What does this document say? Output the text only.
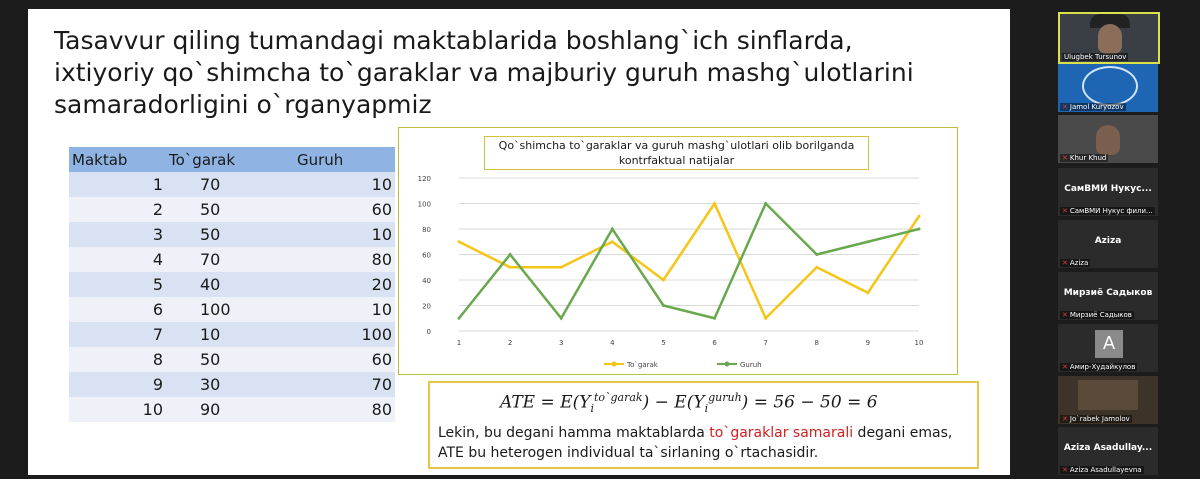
Tasavvur qiling tumandagi maktablarida boshlang`ich sinflarda,
ixtiyoriy qo`shimcha to`garaklar va majburiy guruh mashg`ulotlarini
samaradorligini o`rganyapmiz
Maktab	To`garak	Guruh
1	70	10
2	50	60
3	50	10
4	70	80
5	40	20
6	100	10
7	10	100
8	50	60
9	30	70
10	90	80
Qo`shimcha to`garaklar va guruh mashg`ulotlari olib borilganda
kontrfaktual natijalar
0
20
40
60
80
100
120
1	2	3	4	5	6	7	8	9	10
To`garak	Guruh
ATE = $E(Y_i^{to`garak}) - E(Y_i^{guruh}) = 56 - 50 = 6$
Lekin, bu degani hamma maktablarda to`garaklar samarali degani emas, ATE bu heterogen individual ta`sirlaning o`rtachasidir.
Ulugbek Tursunov
✕ Jamol Kuryozov
✕ Khur Khud
СамВМИ Нукус...
✕ СамВМИ Нукус фили...
Aziza
✕ Aziza
Мирзиё Садыков
✕ Мирзиё Садыков
A
✕ Амир-Худайкулов
✕ Jo`rabek Jamolov
Aziza Asadullay...
✕ Aziza Asadullayevna
